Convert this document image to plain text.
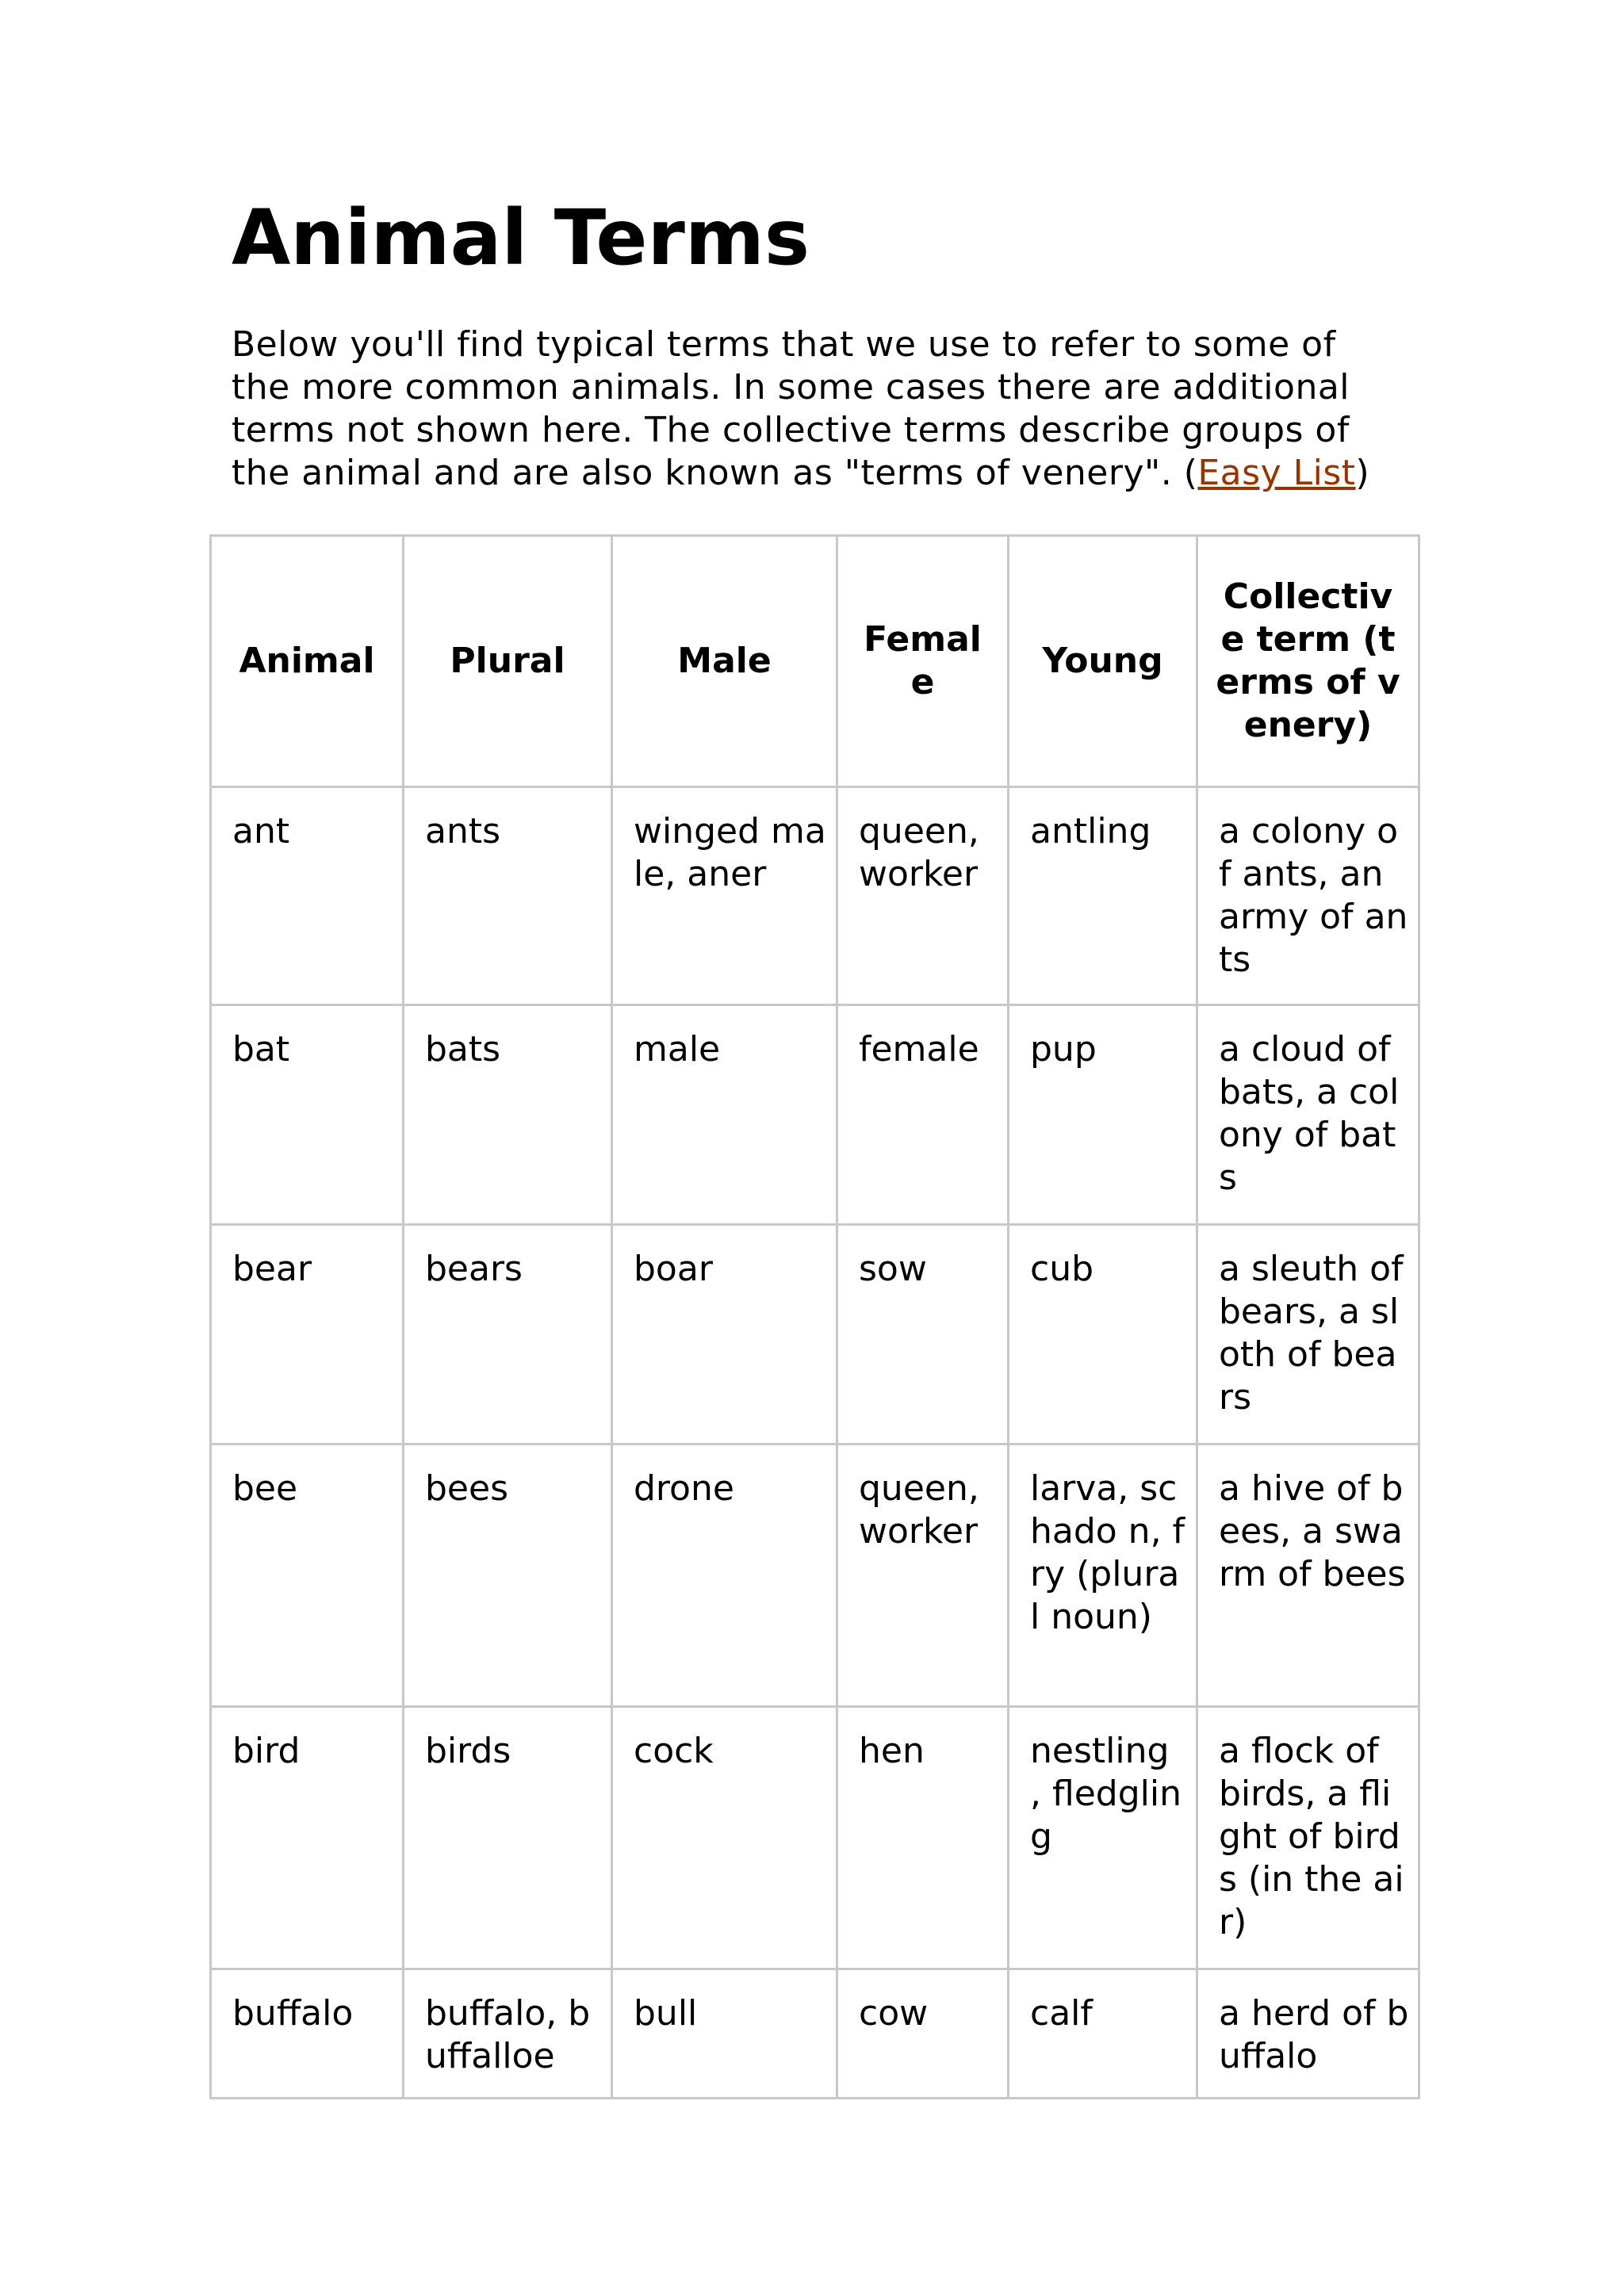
Animal Terms

Below you'll find typical terms that we use to refer to some of
the more common animals. In some cases there are additional
terms not shown here. The collective terms describe groups of
the animal and are also known as "terms of venery". (Easy List)

Animal	Plural	Male	Femal e	Young	Collectiv e term (terms of venery)
ant	ants	winged male, aner	queen, worker	antling	a colony of ants, an army of ants
bat	bats	male	female	pup	a cloud of bats, a colony of bats
bear	bears	boar	sow	cub	a sleuth of bears, a sloth of bears
bee	bees	drone	queen, worker	larva, schado n, fry (plural noun)	a hive of bees, a swarm of bees
bird	birds	cock	hen	nestling , fledglin g	a flock of birds, a flight of birds (in the air)
buffalo	buffalo, buffalloe	bull	cow	calf	a herd of buffalo
